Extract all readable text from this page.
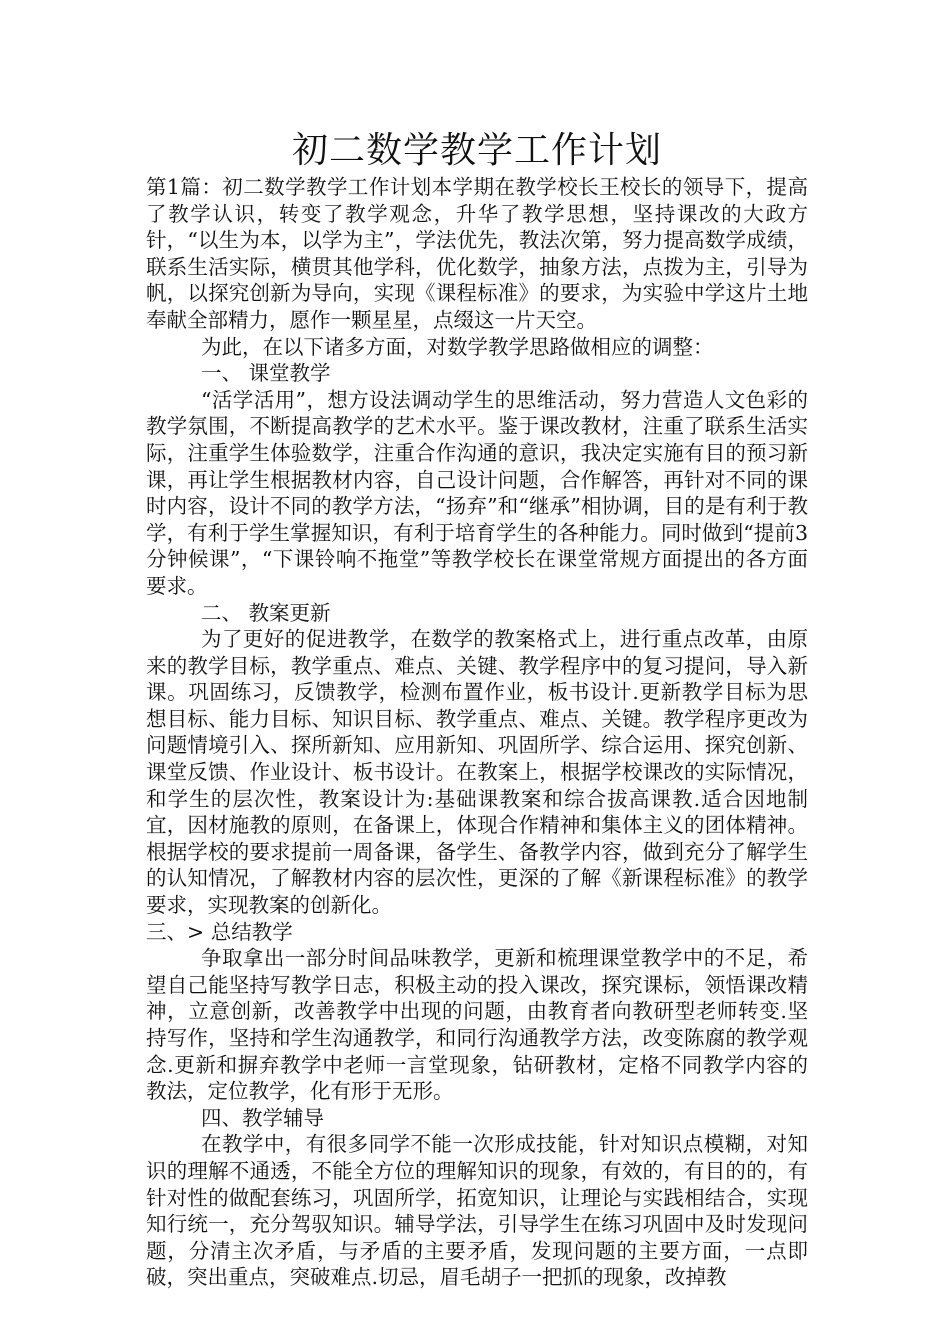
初二数学教学工作计划

第1篇：初二数学教学工作计划本学期在教学校长王校长的领导下，提高了教学认识，转变了教学观念，升华了教学思想，坚持课改的大政方针，“以生为本，以学为主”，学法优先，教法次第，努力提高数学成绩，联系生活实际，横贯其他学科，优化数学，抽象方法，点拨为主，引导为帆，以探究创新为导向，实现《课程标准》的要求，为实验中学这片土地奉献全部精力，愿作一颗星星，点缀这一片天空。

为此，在以下诸多方面，对数学教学思路做相应的调整：

一、 课堂教学

“活学活用”，想方设法调动学生的思维活动，努力营造人文色彩的教学氛围，不断提高教学的艺术水平。鉴于课改教材，注重了联系生活实际，注重学生体验数学，注重合作沟通的意识，我决定实施有目的预习新课，再让学生根据教材内容，自己设计问题，合作解答，再针对不同的课时内容，设计不同的教学方法，“扬弃”和“继承”相协调，目的是有利于教学，有利于学生掌握知识，有利于培育学生的各种能力。同时做到“提前3分钟候课”，“下课铃响不拖堂”等教学校长在课堂常规方面提出的各方面要求。

二、 教案更新

为了更好的促进教学，在数学的教案格式上，进行重点改革，由原来的教学目标，教学重点、难点、关键、教学程序中的复习提问，导入新课。巩固练习，反馈教学，检测布置作业，板书设计.更新教学目标为思想目标、能力目标、知识目标、教学重点、难点、关键。教学程序更改为问题情境引入、探所新知、应用新知、巩固所学、综合运用、探究创新、课堂反馈、作业设计、板书设计。在教案上，根据学校课改的实际情况，和学生的层次性，教案设计为:基础课教案和综合拔高课教.适合因地制宜，因材施教的原则，在备课上，体现合作精神和集体主义的团体精神。根据学校的要求提前一周备课，备学生、备教学内容，做到充分了解学生的认知情况，了解教材内容的层次性，更深的了解《新课程标准》的教学要求，实现教案的创新化。

三、> 总结教学

争取拿出一部分时间品味教学，更新和梳理课堂教学中的不足，希望自己能坚持写教学日志，积极主动的投入课改，探究课标，领悟课改精神，立意创新，改善教学中出现的问题，由教育者向教研型老师转变.坚持写作，坚持和学生沟通教学，和同行沟通教学方法，改变陈腐的教学观念.更新和摒弃教学中老师一言堂现象，钻研教材，定格不同教学内容的教法，定位教学，化有形于无形。

四、教学辅导

在教学中，有很多同学不能一次形成技能，针对知识点模糊，对知识的理解不通透，不能全方位的理解知识的现象，有效的，有目的的，有针对性的做配套练习，巩固所学，拓宽知识，让理论与实践相结合，实现知行统一，充分驾驭知识。辅导学法，引导学生在练习巩固中及时发现问题，分清主次矛盾，与矛盾的主要矛盾，发现问题的主要方面，一点即破，突出重点，突破难点.切忌，眉毛胡子一把抓的现象，改掉教
